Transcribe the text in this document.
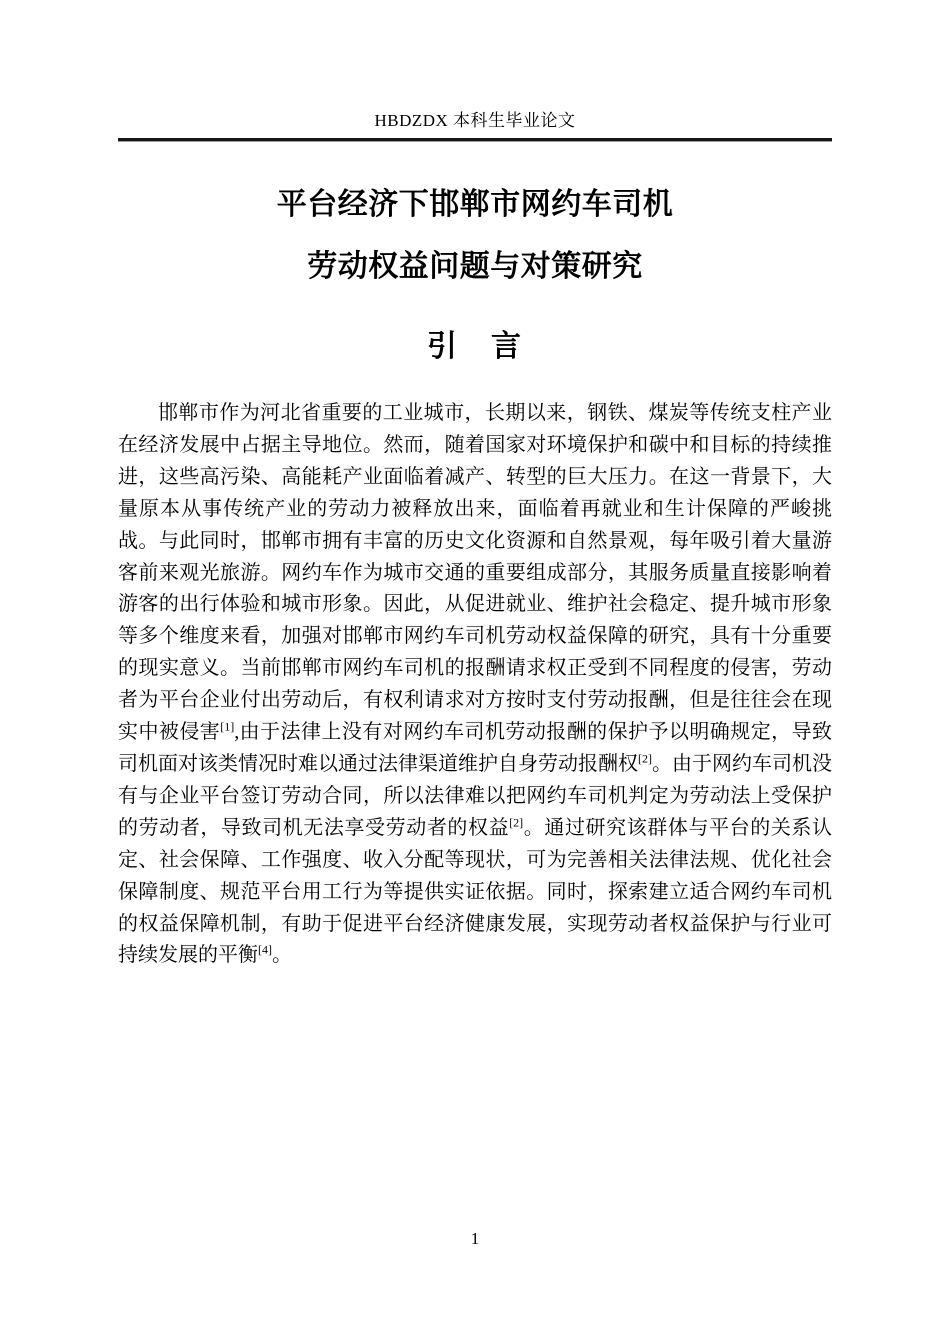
HBDZDX 本科生毕业论文
平台经济下邯郸市网约车司机
劳动权益问题与对策研究
引　言

邯郸市作为河北省重要的工业城市，长期以来，钢铁、煤炭等传统支柱产业在经济发展中占据主导地位。然而，随着国家对环境保护和碳中和目标的持续推进，这些高污染、高能耗产业面临着减产、转型的巨大压力。在这一背景下，大量原本从事传统产业的劳动力被释放出来，面临着再就业和生计保障的严峻挑战。与此同时，邯郸市拥有丰富的历史文化资源和自然景观，每年吸引着大量游客前来观光旅游。网约车作为城市交通的重要组成部分，其服务质量直接影响着游客的出行体验和城市形象。因此，从促进就业、维护社会稳定、提升城市形象等多个维度来看，加强对邯郸市网约车司机劳动权益保障的研究，具有十分重要的现实意义。当前邯郸市网约车司机的报酬请求权正受到不同程度的侵害，劳动者为平台企业付出劳动后，有权利请求对方按时支付劳动报酬，但是往往会在现实中被侵害[1],由于法律上没有对网约车司机劳动报酬的保护予以明确规定，导致司机面对该类情况时难以通过法律渠道维护自身劳动报酬权[2]。由于网约车司机没有与企业平台签订劳动合同，所以法律难以把网约车司机判定为劳动法上受保护的劳动者，导致司机无法享受劳动者的权益[2]。通过研究该群体与平台的关系认定、社会保障、工作强度、收入分配等现状，可为完善相关法律法规、优化社会保障制度、规范平台用工行为等提供实证依据。同时，探索建立适合网约车司机的权益保障机制，有助于促进平台经济健康发展，实现劳动者权益保护与行业可持续发展的平衡[4]。

1
